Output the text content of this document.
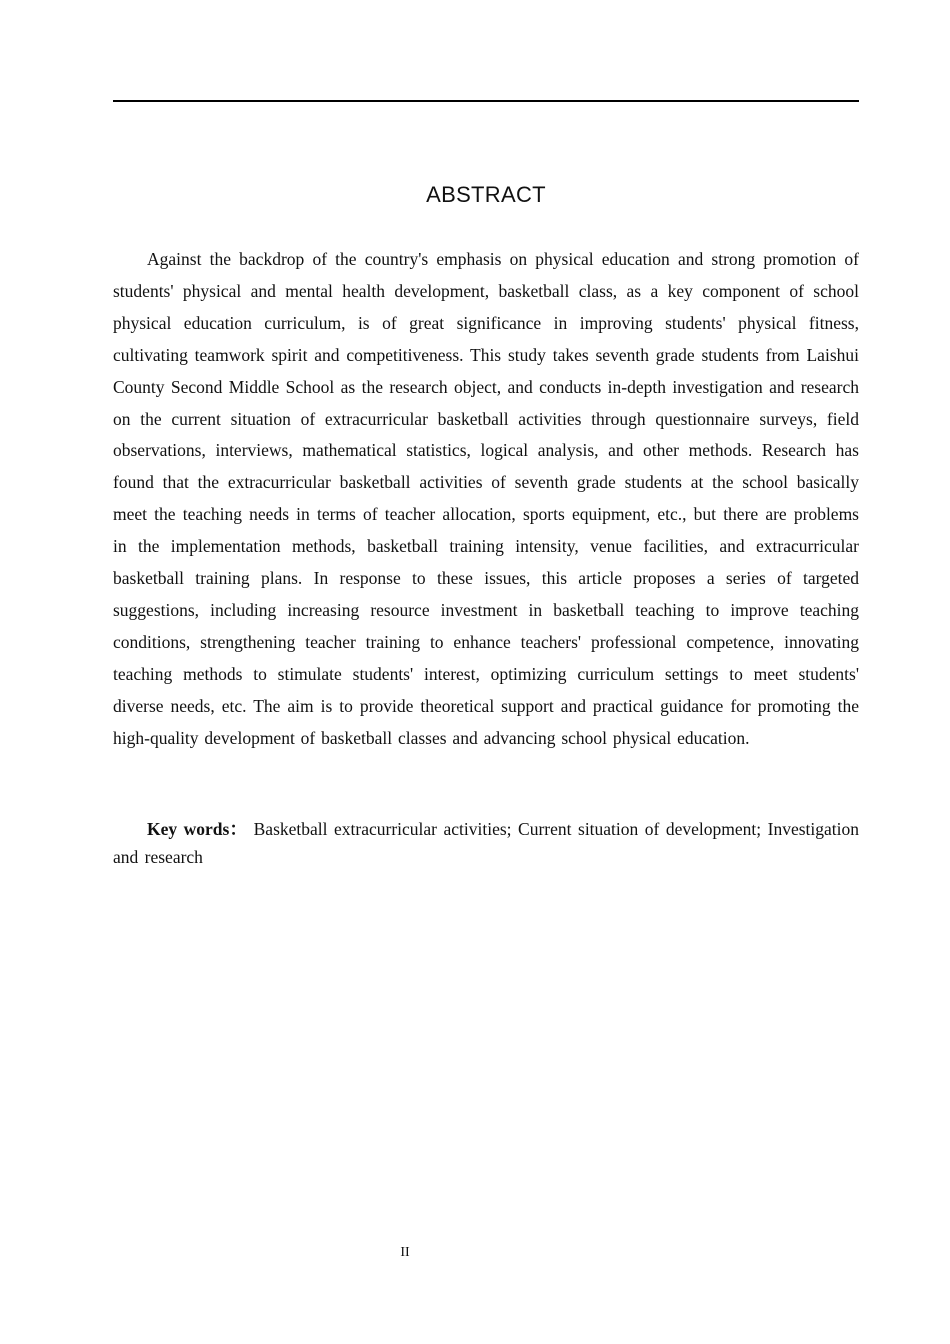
ABSTRACT

Against the backdrop of the country's emphasis on physical education and strong promotion of students' physical and mental health development, basketball class, as a key component of school physical education curriculum, is of great significance in improving students' physical fitness, cultivating teamwork spirit and competitiveness. This study takes seventh grade students from Laishui County Second Middle School as the research object, and conducts in-depth investigation and research on the current situation of extracurricular basketball activities through questionnaire surveys, field observations, interviews, mathematical statistics, logical analysis, and other methods. Research has found that the extracurricular basketball activities of seventh grade students at the school basically meet the teaching needs in terms of teacher allocation, sports equipment, etc., but there are problems in the implementation methods, basketball training intensity, venue facilities, and extracurricular basketball training plans. In response to these issues, this article proposes a series of targeted suggestions, including increasing resource investment in basketball teaching to improve teaching conditions, strengthening teacher training to enhance teachers' professional competence, innovating teaching methods to stimulate students' interest, optimizing curriculum settings to meet students' diverse needs, etc. The aim is to provide theoretical support and practical guidance for promoting the high-quality development of basketball classes and advancing school physical education.

Key words： Basketball extracurricular activities; Current situation of development; Investigation and research

II
